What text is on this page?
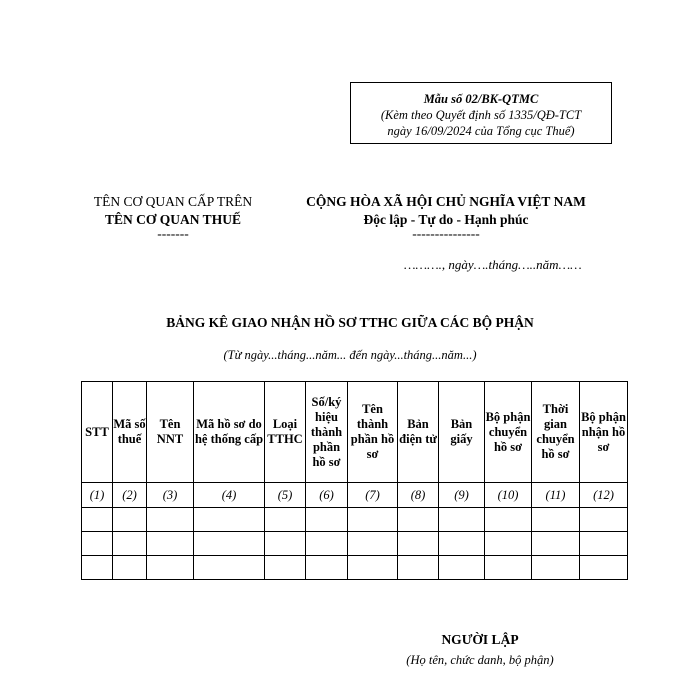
Mẫu số 02/BK-QTMC
(Kèm theo Quyết định số 1335/QĐ-TCT
ngày 16/09/2024 của Tổng cục Thuế)
TÊN CƠ QUAN CẤP TRÊN
TÊN CƠ QUAN THUẾ
-------
CỘNG HÒA XÃ HỘI CHỦ NGHĨA VIỆT NAM
Độc lập - Tự do - Hạnh phúc
---------------
………., ngày….tháng…..năm……
BẢNG KÊ GIAO NHẬN HỒ SƠ TTHC GIỮA CÁC BỘ PHẬN
(Từ ngày...tháng...năm... đến ngày...tháng...năm...)
STT	Mã số thuế	Tên NNT	Mã hồ sơ do hệ thống cấp	Loại TTHC	Số/ký hiệu thành phần hồ sơ	Tên thành phần hồ sơ	Bản điện tử	Bản giấy	Bộ phận chuyển hồ sơ	Thời gian chuyển hồ sơ	Bộ phận nhận hồ sơ
(1)	(2)	(3)	(4)	(5)	(6)	(7)	(8)	(9)	(10)	(11)	(12)

NGƯỜI LẬP
(Họ tên, chức danh, bộ phận)
